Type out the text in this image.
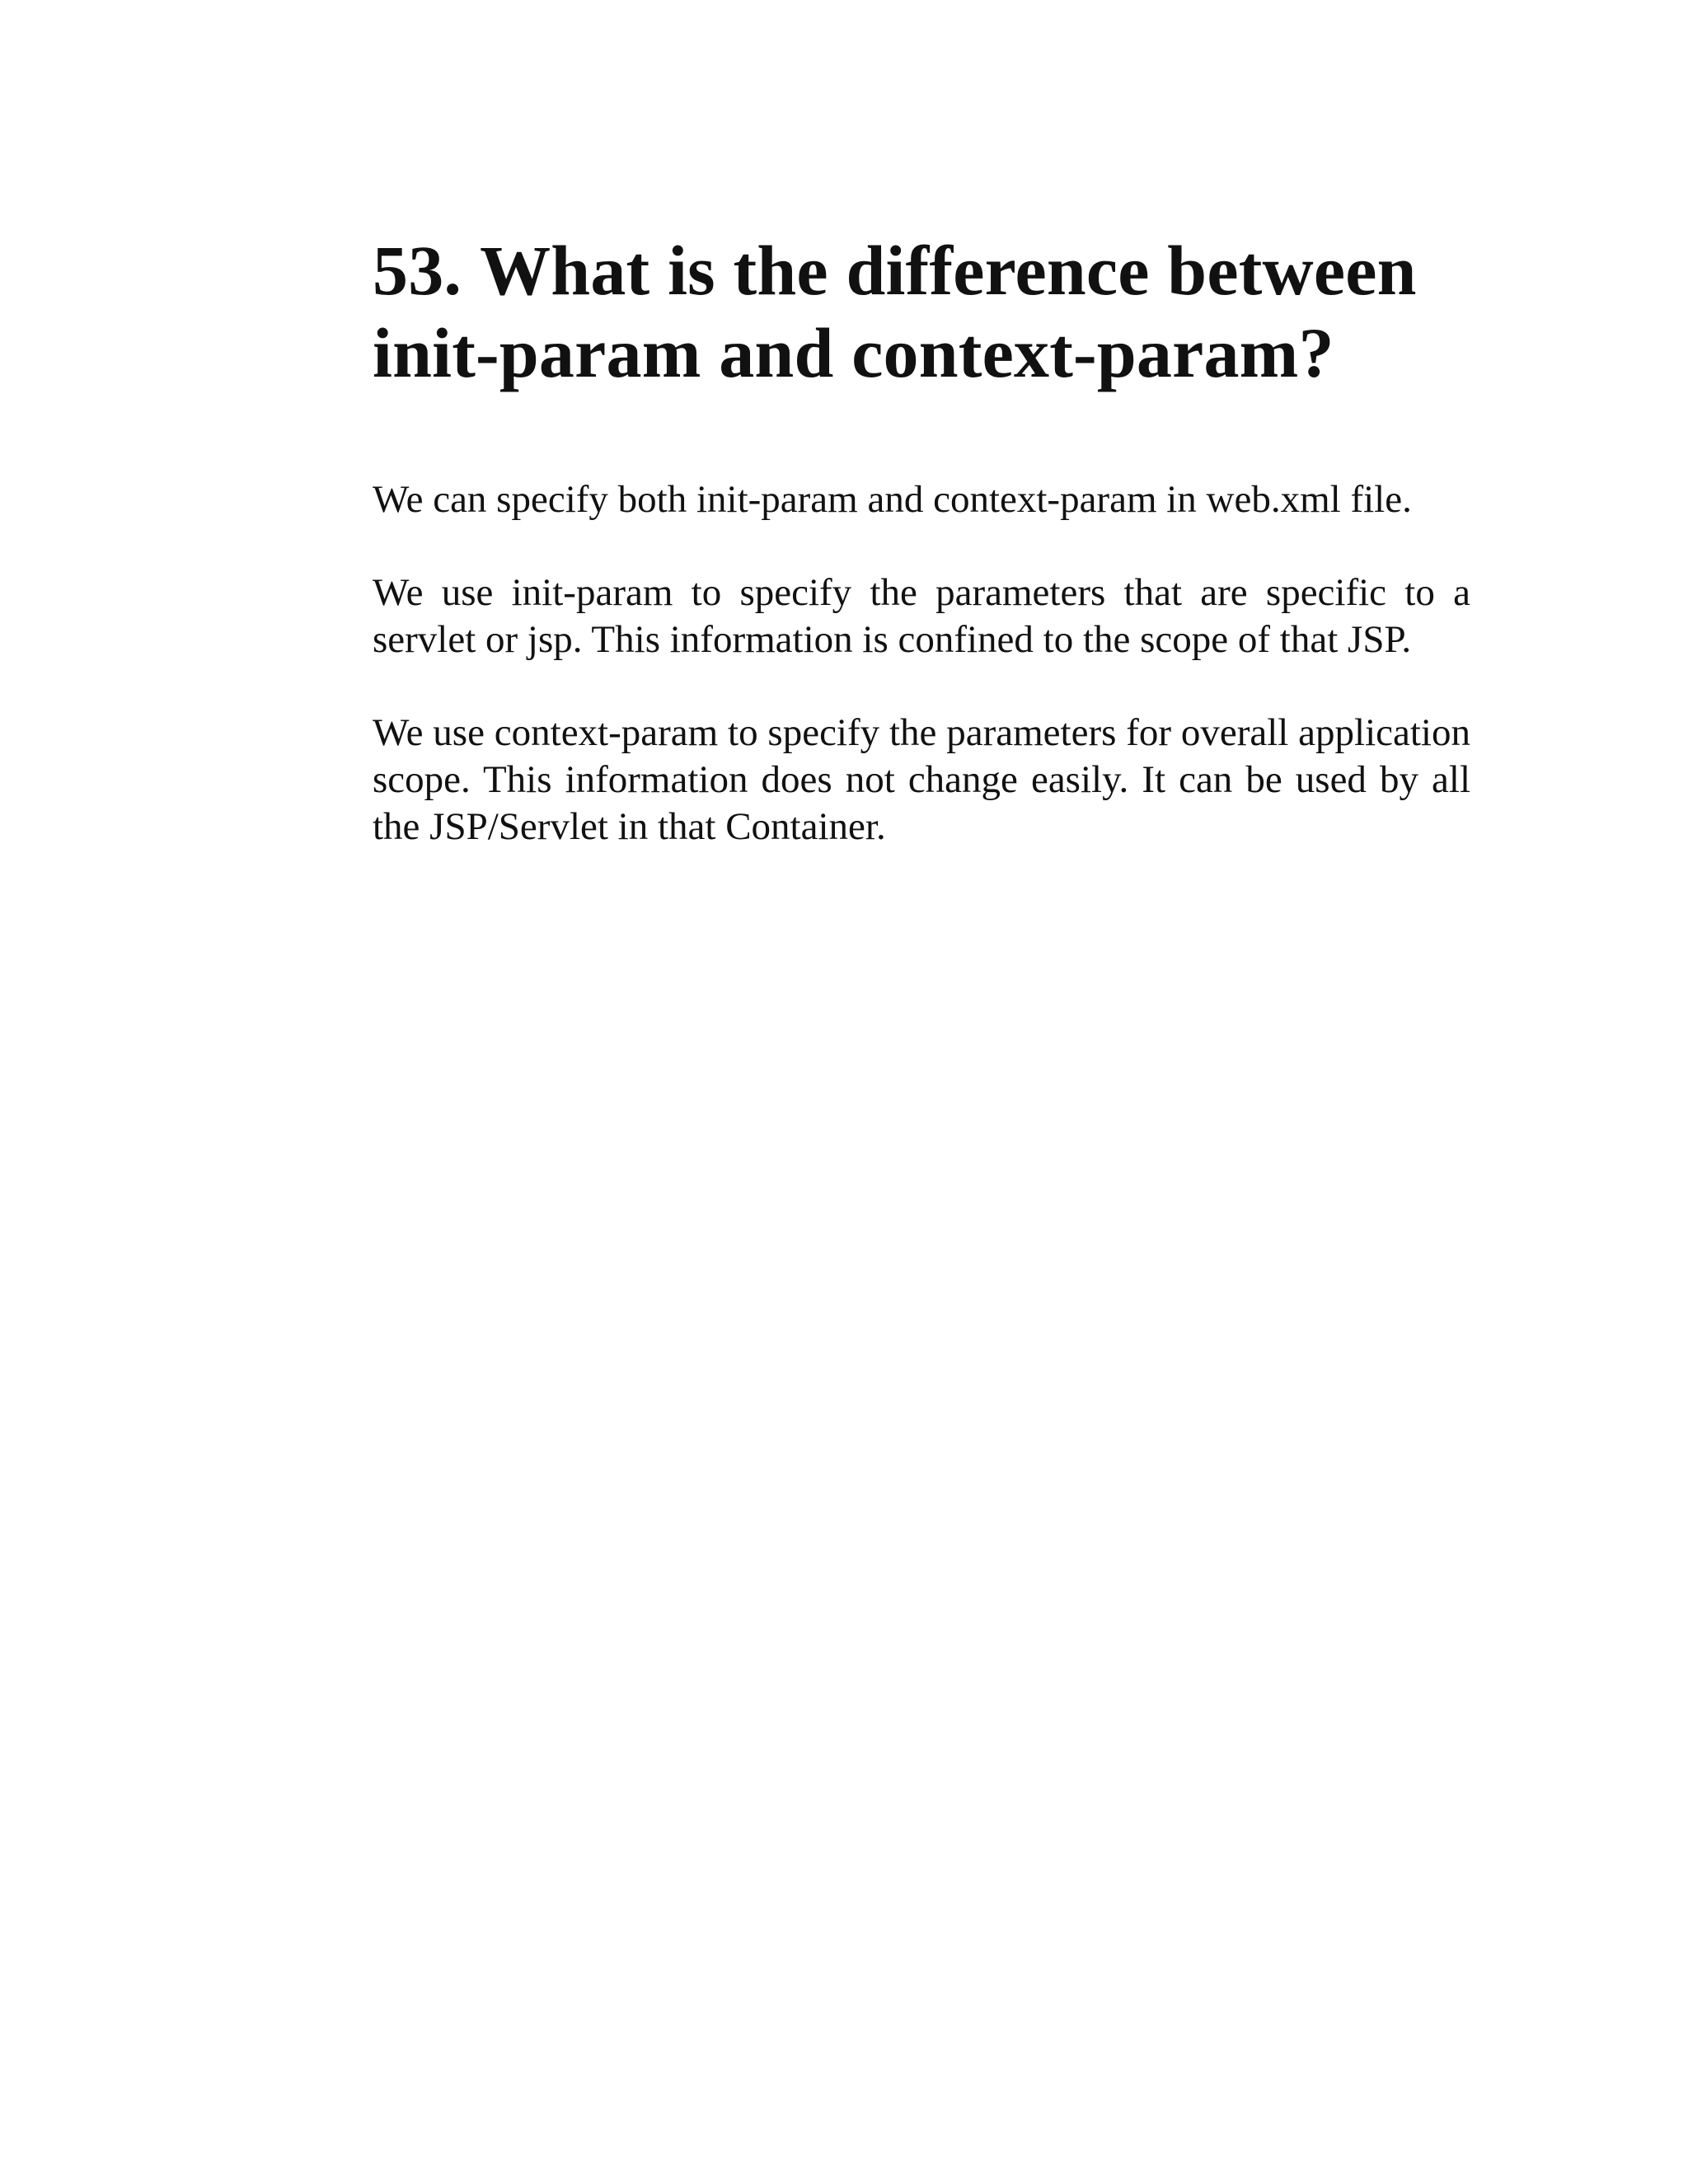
53. What is the difference between
init-param and context-param?

We can specify both init-param and context-param in web.xml file.

We use init-param to specify the parameters that are specific to a servlet or jsp. This information is confined to the scope of that JSP.

We use context-param to specify the parameters for overall application scope. This information does not change easily. It can be used by all the JSP/Servlet in that Container.
